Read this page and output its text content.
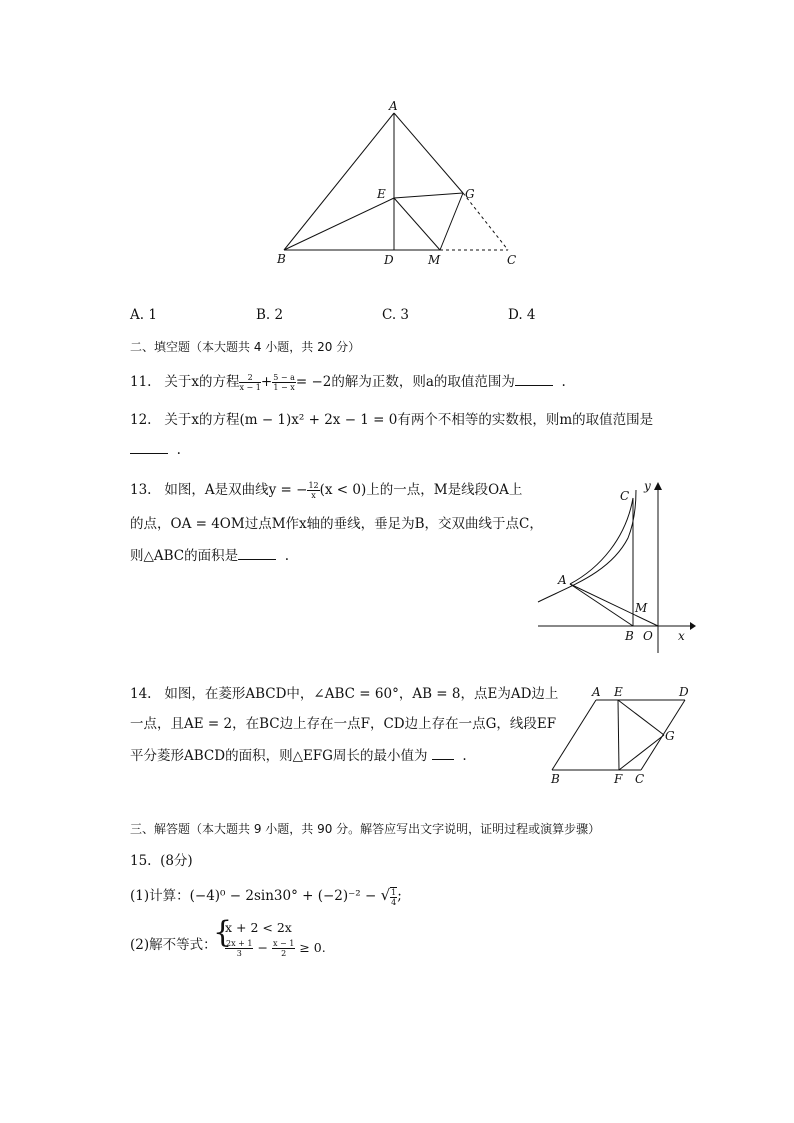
A
E	G
B	D	M	C
A. 1	B. 2	C. 3	D. 4
二、填空题（本大题共 4 小题，共 20 分）
11. 关于x的方程 $\frac{2}{x - 1} + \frac{5 - a}{1 - x} = -2$的解为正数，则a的取值范围为	.
12. 关于x的方程(m − 1)x² + 2x − 1 = 0有两个不相等的实数根，则m的取值范围是
.
13. 如图，A是双曲线y = − $\frac{12}{x} (x < 0)$上的一点，M是线段OA上
的点，OA = 4OM过点M作x轴的垂线，垂足为B，交双曲线于点C，
则△ABC的面积是	.
C
y
A
M
B O x
14. 如图，在菱形ABCD中，∠ABC = 60°，AB = 8，点E为AD边上
一点，且AE = 2，在BC边上存在一点F，CD边上存在一点G，线段EF
平分菱形ABCD的面积，则△EFG周长的最小值为	.
A E	D
G
B	F C
三、解答题（本大题共 9 小题，共 90 分。解答应写出文字说明，证明过程或演算步骤）
15. (8分)
(1)计算：(−4)⁰ − 2sin30° + (−2)⁻² − √ $\frac{1}{4}$ ;
(2)解不等式：
{
x + 2 < 2x
$\frac{2x + 1}{3} - \frac{x - 1}{2} \ge 0$.
